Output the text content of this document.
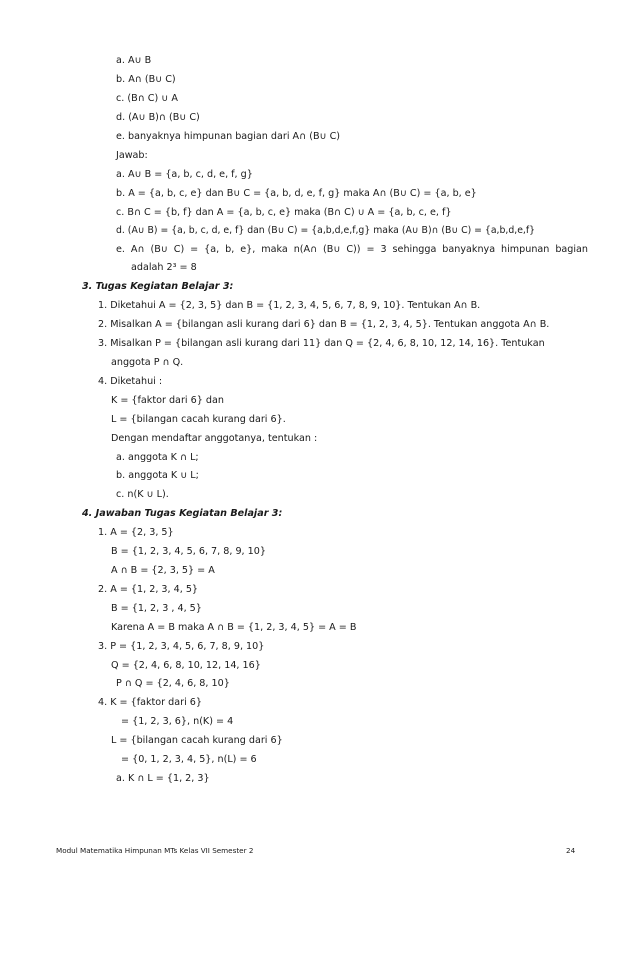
a. A∪ B
b. A∩ (B∪ C)
c. (B∩ C) ∪ A
d. (A∪ B)∩ (B∪ C)
e. banyaknya himpunan bagian dari A∩ (B∪ C)
Jawab:
a. A∪ B = {a, b, c, d, e, f, g}
b. A = {a, b, c, e} dan B∪ C = {a, b, d, e, f, g} maka A∩ (B∪ C) = {a, b, e}
c. B∩ C = {b, f} dan A = {a, b, c, e} maka (B∩ C) ∪ A = {a, b, c, e, f}
d. (A∪ B) = {a, b, c, d, e, f} dan (B∪ C) = {a,b,d,e,f,g} maka (A∪ B)∩ (B∪ C) = {a,b,d,e,f}
e. A∩ (B∪ C) = {a, b, e}, maka n(A∩ (B∪ C)) = 3 sehingga banyaknya himpunan bagian
adalah 2³ = 8
3. Tugas Kegiatan Belajar 3:
1. Diketahui A = {2, 3, 5} dan B = {1, 2, 3, 4, 5, 6, 7, 8, 9, 10}. Tentukan A∩ B.
2. Misalkan A = {bilangan asli kurang dari 6} dan B = {1, 2, 3, 4, 5}. Tentukan anggota A∩ B.
3. Misalkan P = {bilangan asli kurang dari 11} dan Q = {2, 4, 6, 8, 10, 12, 14, 16}. Tentukan
anggota P ∩ Q.
4. Diketahui :
K = {faktor dari 6} dan
L = {bilangan cacah kurang dari 6}.
Dengan mendaftar anggotanya, tentukan :
a. anggota K ∩ L;
b. anggota K ∪ L;
c. n(K ∪ L).
4. Jawaban Tugas Kegiatan Belajar 3:
1. A = {2, 3, 5}
B = {1, 2, 3, 4, 5, 6, 7, 8, 9, 10}
A ∩ B = {2, 3, 5} = A
2. A = {1, 2, 3, 4, 5}
B = {1, 2, 3 , 4, 5}
Karena A = B maka A ∩ B = {1, 2, 3, 4, 5} = A = B
3. P = {1, 2, 3, 4, 5, 6, 7, 8, 9, 10}
Q = {2, 4, 6, 8, 10, 12, 14, 16}
P ∩ Q = {2, 4, 6, 8, 10}
4. K = {faktor dari 6}
= {1, 2, 3, 6}, n(K) = 4
L = {bilangan cacah kurang dari 6}
= {0, 1, 2, 3, 4, 5}, n(L) = 6
a. K ∩ L = {1, 2, 3}
Modul Matematika Himpunan MTs Kelas VII Semester 2	24
